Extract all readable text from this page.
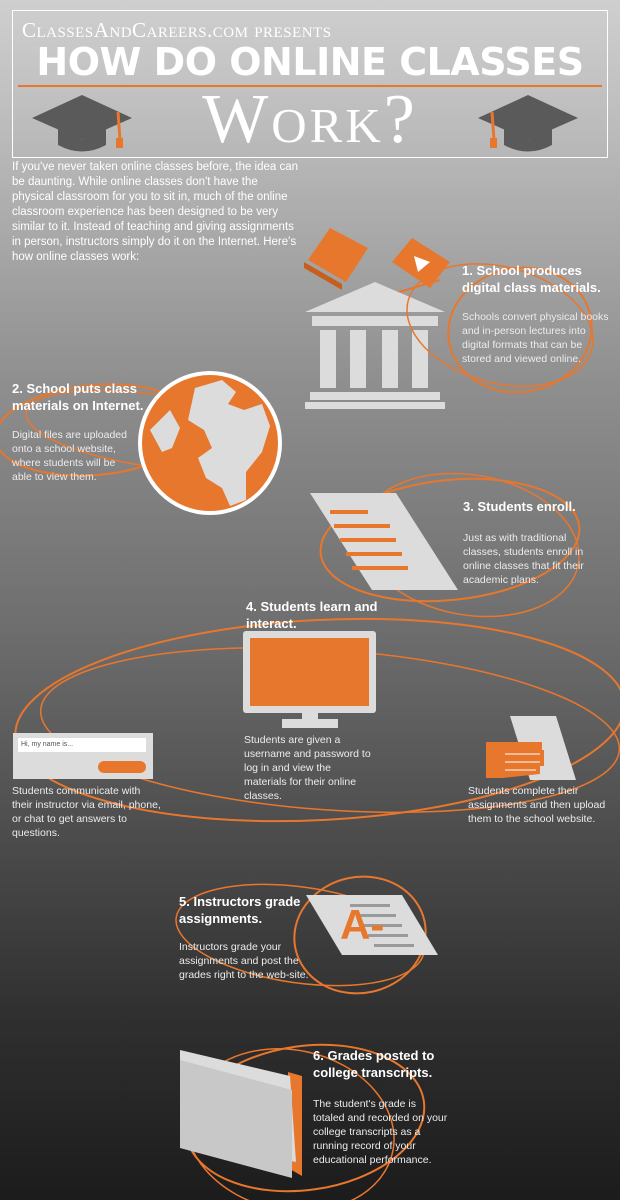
ClassesAndCareers.com presents
HOW DO ONLINE CLASSES
Work?
If you've never taken online classes before, the idea can be daunting. While online classes don't have the physical classroom for you to sit in, much of the online classroom experience has been designed to be very similar to it. Instead of teaching and giving assignments in person, instructors simply do it on the Internet. Here's how online classes work:
1. School produces digital class materials.
Schools convert physical books and in-person lectures into digital formats that can be stored and viewed online.
2. School puts class materials on Internet.
Digital files are uploaded onto a school website, where students will be able to view them.
3. Students enroll.
Just as with traditional classes, students enroll in online classes that fit their academic plans.
4. Students learn and interact.
Students are given a username and password to log in and view the materials for their online classes.
Students communicate with their instructor via email, phone, or chat to get answers to questions.
Students complete their assignments and then upload them to the school website.
Hi, my name is...
A-
5. Instructors grade assignments.
Instructors grade your assignments and post the grades right to the web-site.
6. Grades posted to college transcripts.
The student's grade is totaled and recorded on your college transcripts as a running record of your educational performance.
